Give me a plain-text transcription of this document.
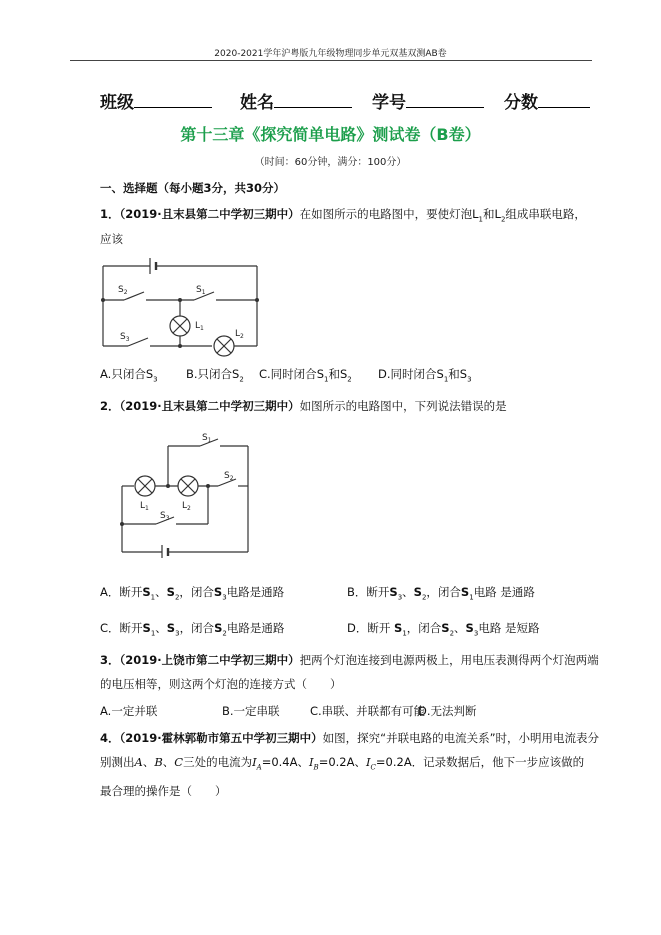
2020-2021学年沪粤版九年级物理同步单元双基双测AB卷
班级	姓名	学号	分数
第十三章《探究简单电路》测试卷（B卷）
（时间：60分钟，满分：100分）
一、选择题（每小题3分，共30分）
1．（2019·且末县第二中学初三期中）在如图所示的电路图中，要使灯泡$L_1$和$L_2$组成串联电路，
应该
$S_2$	$S_1$
$S_3$
$L_1$
$L_2$
A.只闭合$S_3$ B.只闭合$S_2$ C.同时闭合$S_1$和$S_2$ D.同时闭合$S_1$和$S_3$
2．（2019·且末县第二中学初三期中）如图所示的电路图中，下列说法错误的是
$S_1$
$S_2$
$S_3$
$L_1$	$L_2$
A．断开$S_1$、$S_2$，闭合$S_3$电路是通路	B．断开$S_3$、$S_2$，闭合$S_1$电路 是通路
C．断开$S_1$、$S_3$，闭合$S_2$电路是通路	D．断开 $S_1$，闭合$S_2$、$S_3$电路 是短路
3．（2019·上饶市第二中学初三期中）把两个灯泡连接到电源两极上，用电压表测得两个灯泡两端
的电压相等，则这两个灯泡的连接方式（　　）
A.一定并联	B.一定串联	C.串联、并联都有可能
D.无法判断
4．（2019·霍林郭勒市第五中学初三期中）如图，探究“并联电路的电流关系”时，小明用电流表分
别测出A、B、C三处的电流为$I_A=0.4A$、$I_B=0.2A$、$I_C=0.2A$．记录数据后，他下一步应该做的
最合理的操作是（　　）
